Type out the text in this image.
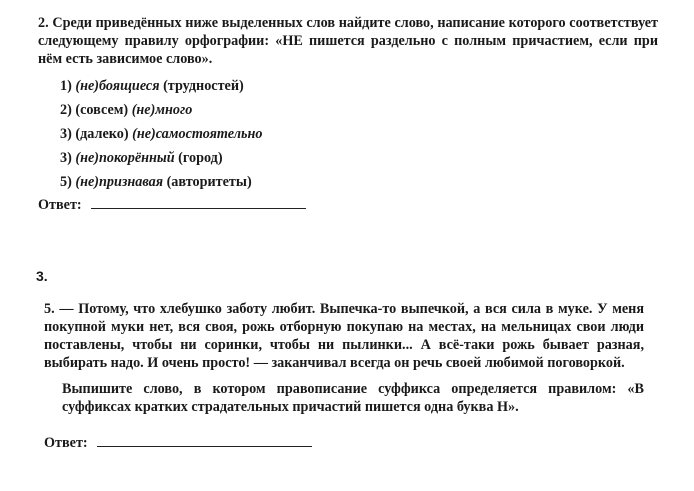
2. Среди приведённых ниже выделенных слов найдите слово, написание которого соответствует следующему правилу орфографии: «НЕ пишется раздельно с полным причастием, если при нём есть зависимое слово».

1) (не)боящиеся (трудностей)
2) (совсем) (не)много
3) (далеко) (не)самостоятельно
3) (не)покорённый (город)
5) (не)признавая (авторитеты)
Ответ:
3.

5. — Потому, что хлебушко заботу любит. Выпечка-то выпечкой, а вся сила в муке. У меня покупной муки нет, вся своя, рожь отборную покупаю на местах, на мельницах свои люди поставлены, чтобы ни соринки, чтобы ни пылинки... А всё-таки рожь бывает разная, выбирать надо. И очень просто! — заканчивал всегда он речь своей любимой поговоркой.

Выпишите слово, в котором правописание суффикса определяется правилом: «В суффиксах кратких страдательных причастий пишется одна буква Н».

Ответ:
